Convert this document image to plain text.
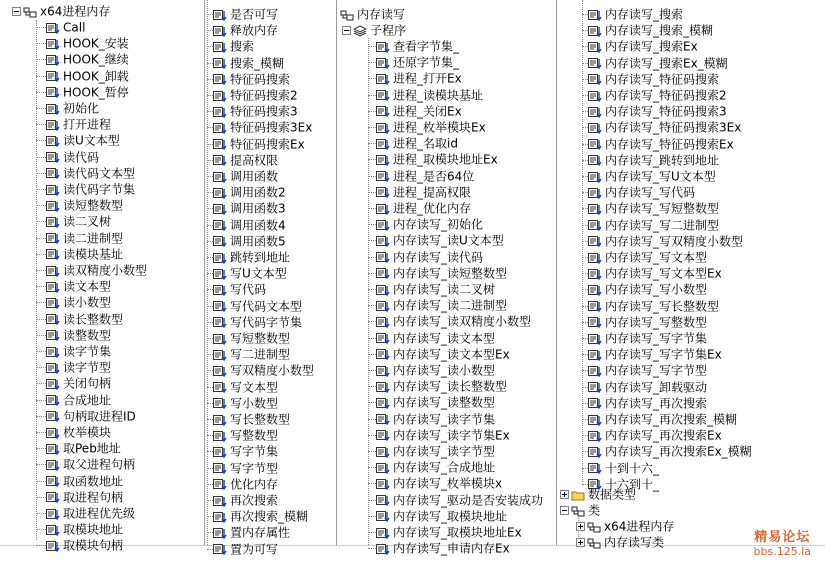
x64进程内存
Call
HOOK_安装
HOOK_继续
HOOK_卸载
HOOK_暂停
初始化
打开进程
读U文本型
读代码
读代码文本型
读代码字节集
读短整数型
读二叉树
读二进制型
读模块基址
读双精度小数型
读文本型
读小数型
读长整数型
读整数型
读字节集
读字节型
关闭句柄
合成地址
句柄取进程ID
枚举模块
取Peb地址
取父进程句柄
取函数地址
取进程句柄
取进程优先级
取模块地址
取模块句柄
是否可写
释放内存
搜索
搜索_模糊
特征码搜索
特征码搜索2
特征码搜索3
特征码搜索3Ex
特征码搜索Ex
提高权限
调用函数
调用函数2
调用函数3
调用函数4
调用函数5
跳转到地址
写U文本型
写代码
写代码文本型
写代码字节集
写短整数型
写二进制型
写双精度小数型
写文本型
写小数型
写长整数型
写整数型
写字节集
写字节型
优化内存
再次搜索
再次搜索_模糊
置内存属性
置为可写
内存读写
子程序
查看字节集_
还原字节集_
进程_打开Ex
进程_读模块基址
进程_关闭Ex
进程_枚举模块Ex
进程_名取id
进程_取模块地址Ex
进程_是否64位
进程_提高权限
进程_优化内存
内存读写_初始化
内存读写_读U文本型
内存读写_读代码
内存读写_读短整数型
内存读写_读二叉树
内存读写_读二进制型
内存读写_读双精度小数型
内存读写_读文本型
内存读写_读文本型Ex
内存读写_读小数型
内存读写_读长整数型
内存读写_读整数型
内存读写_读字节集
内存读写_读字节集Ex
内存读写_读字节型
内存读写_合成地址
内存读写_枚举模块x
内存读写_驱动是否安装成功
内存读写_取模块地址
内存读写_取模块地址Ex
内存读写_申请内存Ex
内存读写_搜索
内存读写_搜索_模糊
内存读写_搜索Ex
内存读写_搜索Ex_模糊
内存读写_特征码搜索
内存读写_特征码搜索2
内存读写_特征码搜索3
内存读写_特征码搜索3Ex
内存读写_特征码搜索Ex
内存读写_跳转到地址
内存读写_写U文本型
内存读写_写代码
内存读写_写短整数型
内存读写_写二进制型
内存读写_写双精度小数型
内存读写_写文本型
内存读写_写文本型Ex
内存读写_写小数型
内存读写_写长整数型
内存读写_写整数型
内存读写_写字节集
内存读写_写字节集Ex
内存读写_写字节型
内存读写_卸载驱动
内存读写_再次搜索
内存读写_再次搜索_模糊
内存读写_再次搜索Ex
内存读写_再次搜索Ex_模糊
十到十六_
十六到十_
数据类型
类
x64进程内存
内存读写类	精易论坛
bbs.125.la
